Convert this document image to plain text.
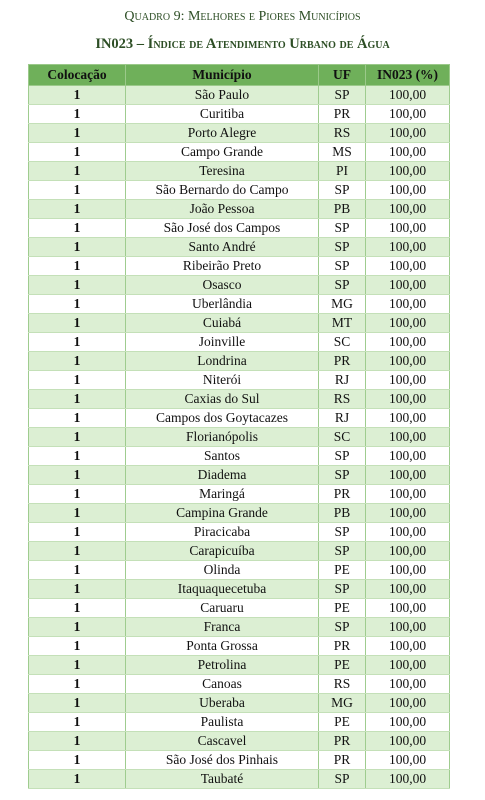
Quadro 9: Melhores e Piores Municípios
IN023 – Índice de Atendimento Urbano de Água
Colocação	Município	UF	IN023 (%)
1	São Paulo	SP	100,00
1	Curitiba	PR	100,00
1	Porto Alegre	RS	100,00
1	Campo Grande	MS	100,00
1	Teresina	PI	100,00
1	São Bernardo do Campo	SP	100,00
1	João Pessoa	PB	100,00
1	São José dos Campos	SP	100,00
1	Santo André	SP	100,00
1	Ribeirão Preto	SP	100,00
1	Osasco	SP	100,00
1	Uberlândia	MG	100,00
1	Cuiabá	MT	100,00
1	Joinville	SC	100,00
1	Londrina	PR	100,00
1	Niterói	RJ	100,00
1	Caxias do Sul	RS	100,00
1	Campos dos Goytacazes	RJ	100,00
1	Florianópolis	SC	100,00
1	Santos	SP	100,00
1	Diadema	SP	100,00
1	Maringá	PR	100,00
1	Campina Grande	PB	100,00
1	Piracicaba	SP	100,00
1	Carapicuíba	SP	100,00
1	Olinda	PE	100,00
1	Itaquaquecetuba	SP	100,00
1	Caruaru	PE	100,00
1	Franca	SP	100,00
1	Ponta Grossa	PR	100,00
1	Petrolina	PE	100,00
1	Canoas	RS	100,00
1	Uberaba	MG	100,00
1	Paulista	PE	100,00
1	Cascavel	PR	100,00
1	São José dos Pinhais	PR	100,00
1	Taubaté	SP	100,00
